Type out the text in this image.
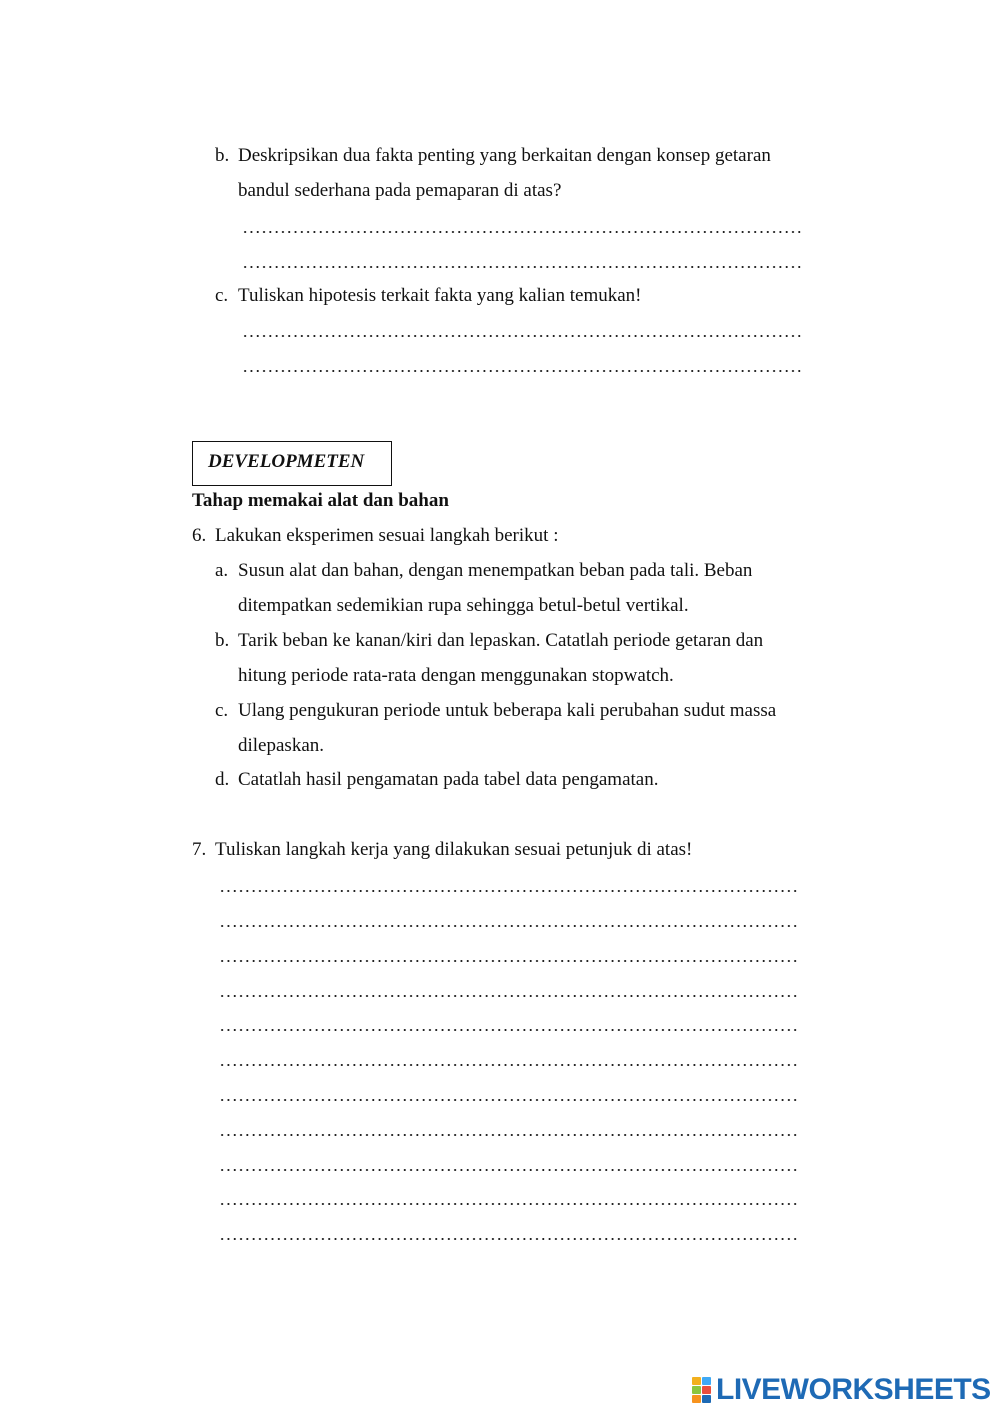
b. Deskripsikan dua fakta penting yang berkaitan dengan konsep getaran
bandul sederhana pada pemaparan di atas?
c. Tuliskan hipotesis terkait fakta yang kalian temukan!
DEVELOPMETEN
Tahap memakai alat dan bahan
6. Lakukan eksperimen sesuai langkah berikut :
a. Susun alat dan bahan, dengan menempatkan beban pada tali. Beban
ditempatkan sedemikian rupa sehingga betul-betul vertikal.
b. Tarik beban ke kanan/kiri dan lepaskan. Catatlah periode getaran dan
hitung periode rata-rata dengan menggunakan stopwatch.
c. Ulang pengukuran periode untuk beberapa kali perubahan sudut massa
dilepaskan.
d. Catatlah hasil pengamatan pada tabel data pengamatan.
7. Tuliskan langkah kerja yang dilakukan sesuai petunjuk di atas!
LIVEWORKSHEETS
